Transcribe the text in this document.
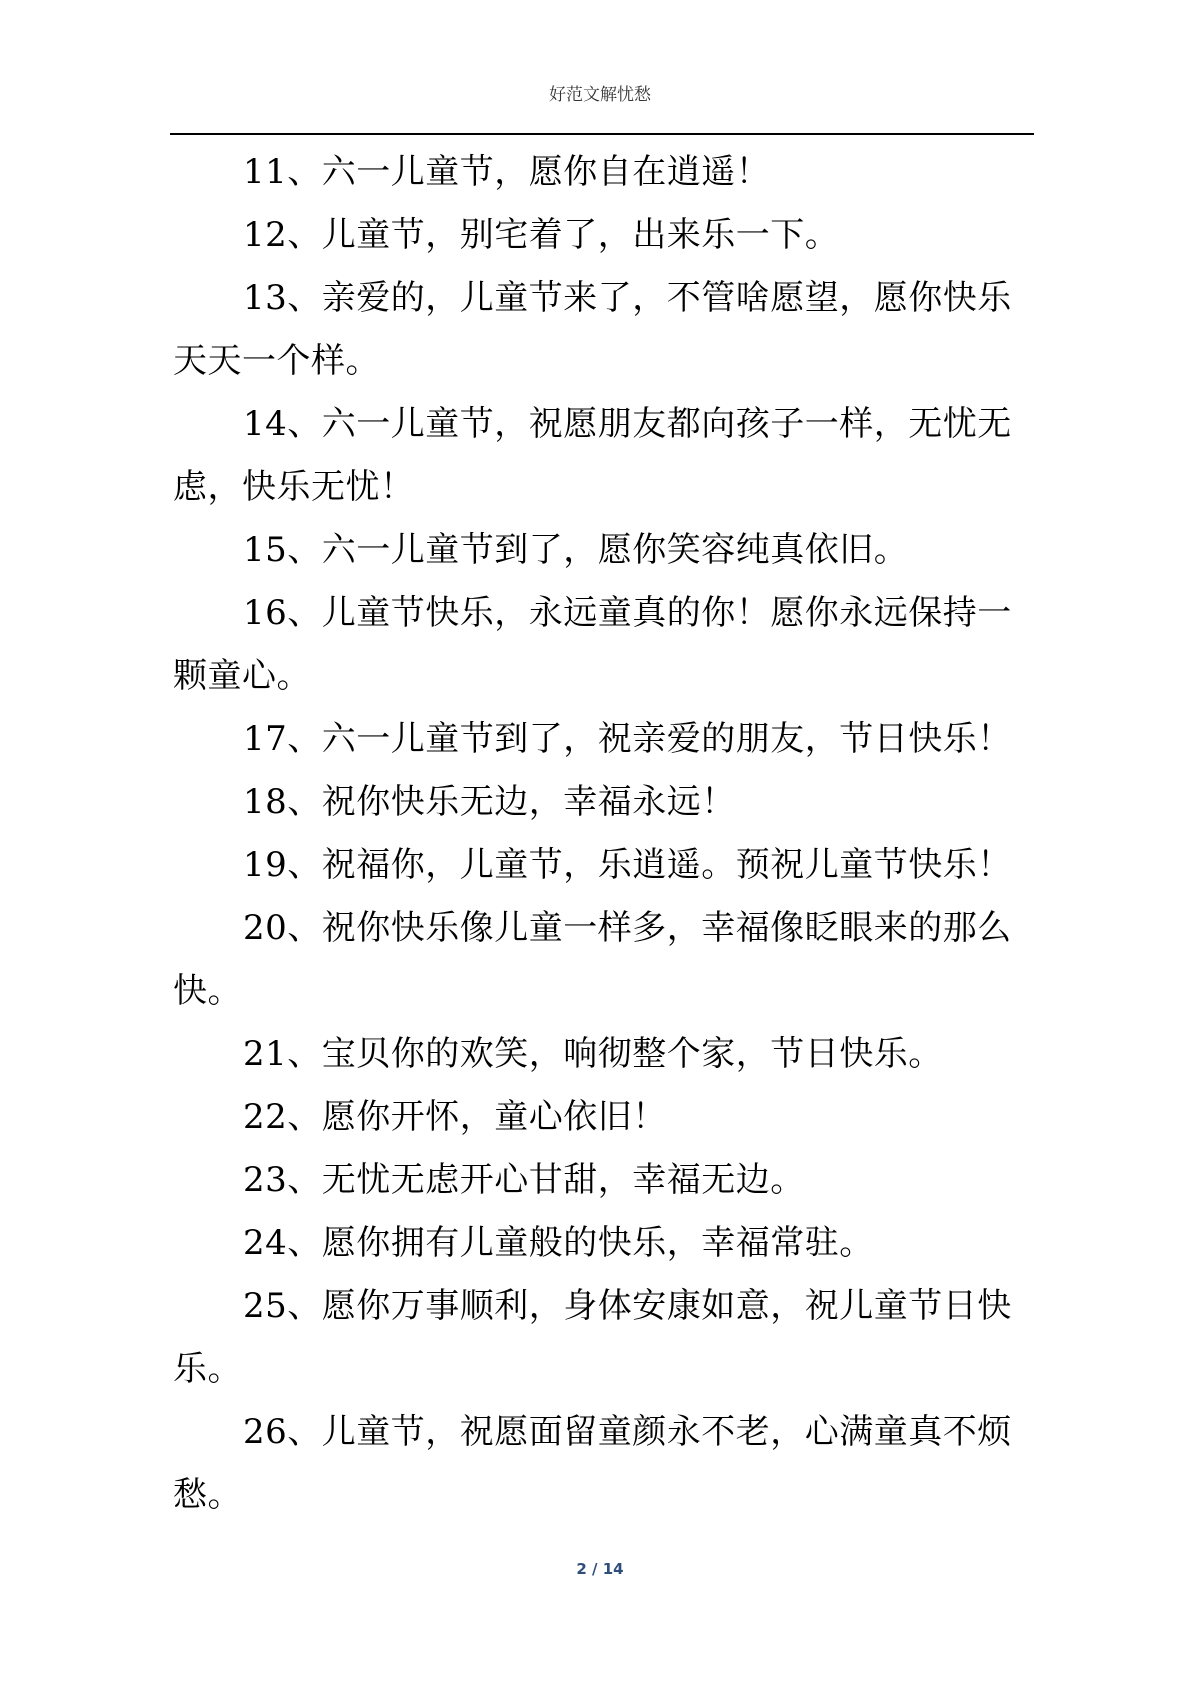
好范文解忧愁

11、六一儿童节，愿你自在逍遥！

12、儿童节，别宅着了，出来乐一下。

13、亲爱的，儿童节来了，不管啥愿望，愿你快乐
天天一个样。

14、六一儿童节，祝愿朋友都向孩子一样，无忧无
虑，快乐无忧！

15、六一儿童节到了，愿你笑容纯真依旧。

16、儿童节快乐，永远童真的你！愿你永远保持一
颗童心。

17、六一儿童节到了，祝亲爱的朋友，节日快乐！

18、祝你快乐无边，幸福永远！

19、祝福你，儿童节，乐逍遥。预祝儿童节快乐！

20、祝你快乐像儿童一样多，幸福像眨眼来的那么
快。

21、宝贝你的欢笑，响彻整个家，节日快乐。

22、愿你开怀，童心依旧！

23、无忧无虑开心甘甜，幸福无边。

24、愿你拥有儿童般的快乐，幸福常驻。

25、愿你万事顺利，身体安康如意，祝儿童节日快
乐。

26、儿童节，祝愿面留童颜永不老，心满童真不烦
愁。

2 / 14
